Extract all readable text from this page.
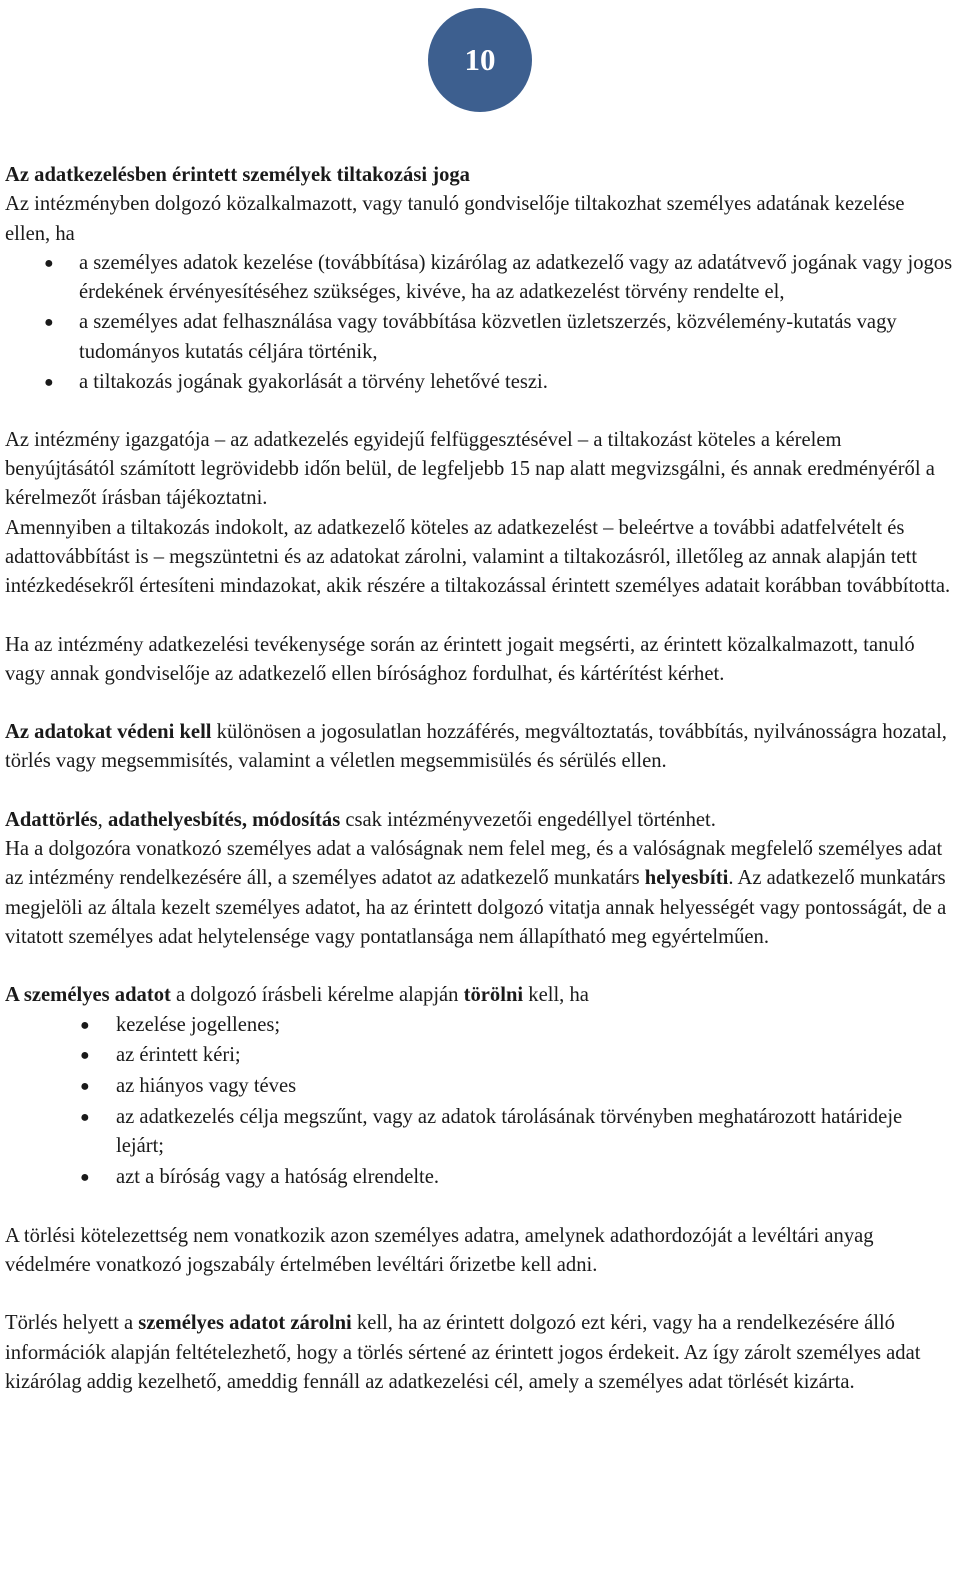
10

Az adatkezelésben érintett személyek tiltakozási joga

Az intézményben dolgozó közalkalmazott, vagy tanuló gondviselője tiltakozhat személyes adatának kezelése ellen, ha

● a személyes adatok kezelése (továbbítása) kizárólag az adatkezelő vagy az adatátvevő jogának vagy jogos érdekének érvényesítéséhez szükséges, kivéve, ha az adatkezelést törvény rendelte el,
● a személyes adat felhasználása vagy továbbítása közvetlen üzletszerzés, közvélemény-kutatás vagy tudományos kutatás céljára történik,
● a tiltakozás jogának gyakorlását a törvény lehetővé teszi.

Az intézmény igazgatója – az adatkezelés egyidejű felfüggesztésével – a tiltakozást köteles a kérelem benyújtásától számított legrövidebb időn belül, de legfeljebb 15 nap alatt megvizsgálni, és annak eredményéről a kérelmezőt írásban tájékoztatni.

Amennyiben a tiltakozás indokolt, az adatkezelő köteles az adatkezelést – beleértve a további adatfelvételt és adattovábbítást is – megszüntetni és az adatokat zárolni, valamint a tiltakozásról, illetőleg az annak alapján tett intézkedésekről értesíteni mindazokat, akik részére a tiltakozással érintett személyes adatait korábban továbbította.

Ha az intézmény adatkezelési tevékenysége során az érintett jogait megsérti, az érintett közalkalmazott, tanuló vagy annak gondviselője az adatkezelő ellen bírósághoz fordulhat, és kártérítést kérhet.

Az adatokat védeni kell különösen a jogosulatlan hozzáférés, megváltoztatás, továbbítás, nyilvánosságra hozatal, törlés vagy megsemmisítés, valamint a véletlen megsemmisülés és sérülés ellen.

Adattörlés, adathelyesbítés, módosítás csak intézményvezetői engedéllyel történhet.

Ha a dolgozóra vonatkozó személyes adat a valóságnak nem felel meg, és a valóságnak megfelelő személyes adat az intézmény rendelkezésére áll, a személyes adatot az adatkezelő munkatárs helyesbíti. Az adatkezelő munkatárs megjelöli az általa kezelt személyes adatot, ha az érintett dolgozó vitatja annak helyességét vagy pontosságát, de a vitatott személyes adat helytelensége vagy pontatlansága nem állapítható meg egyértelműen.

A személyes adatot a dolgozó írásbeli kérelme alapján törölni kell, ha

● kezelése jogellenes;
● az érintett kéri;
● az hiányos vagy téves
● az adatkezelés célja megszűnt, vagy az adatok tárolásának törvényben meghatározott határideje lejárt;
● azt a bíróság vagy a hatóság elrendelte.

A törlési kötelezettség nem vonatkozik azon személyes adatra, amelynek adathordozóját a levéltári anyag védelmére vonatkozó jogszabály értelmében levéltári őrizetbe kell adni.

Törlés helyett a személyes adatot zárolni kell, ha az érintett dolgozó ezt kéri, vagy ha a rendelkezésére álló információk alapján feltételezhető, hogy a törlés sértené az érintett jogos érdekeit. Az így zárolt személyes adat kizárólag addig kezelhető, ameddig fennáll az adatkezelési cél, amely a személyes adat törlését kizárta.
